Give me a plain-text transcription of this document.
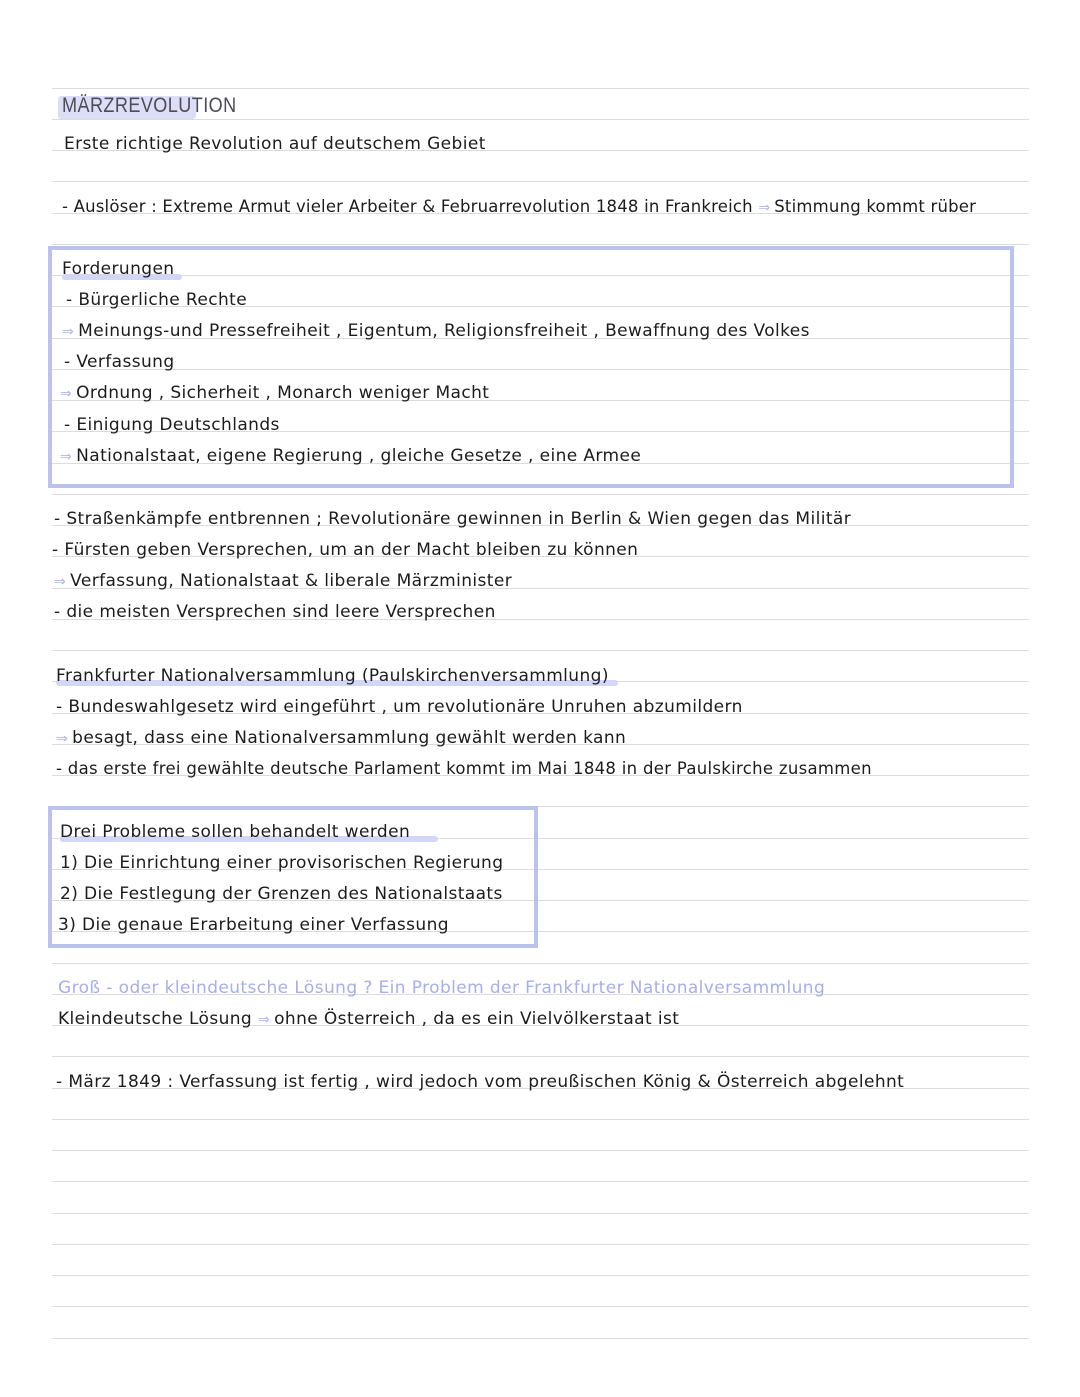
MÄRZREVOLUTION
Erste richtige Revolution auf deutschem Gebiet
- Auslöser : Extreme Armut vieler Arbeiter & Februarrevolution 1848 in Frankreich ⇒ Stimmung kommt rüber
Forderungen
- Bürgerliche Rechte
⇒ Meinungs-und Pressefreiheit , Eigentum, Religionsfreiheit , Bewaffnung des Volkes
- Verfassung
⇒ Ordnung , Sicherheit , Monarch weniger Macht
- Einigung Deutschlands
⇒ Nationalstaat, eigene Regierung , gleiche Gesetze , eine Armee
- Straßenkämpfe entbrennen ; Revolutionäre gewinnen in Berlin & Wien gegen das Militär
- Fürsten geben Versprechen, um an der Macht bleiben zu können
⇒ Verfassung, Nationalstaat & liberale Märzminister
- die meisten Versprechen sind leere Versprechen
Frankfurter Nationalversammlung (Paulskirchenversammlung)
- Bundeswahlgesetz wird eingeführt , um revolutionäre Unruhen abzumildern
⇒ besagt, dass eine Nationalversammlung gewählt werden kann
- das erste frei gewählte deutsche Parlament kommt im Mai 1848 in der Paulskirche zusammen
Drei Probleme sollen behandelt werden
1) Die Einrichtung einer provisorischen Regierung
2) Die Festlegung der Grenzen des Nationalstaats
3) Die genaue Erarbeitung einer Verfassung
Groß - oder kleindeutsche Lösung ? Ein Problem der Frankfurter Nationalversammlung
Kleindeutsche Lösung ⇒ ohne Österreich , da es ein Vielvölkerstaat ist
- März 1849 : Verfassung ist fertig , wird jedoch vom preußischen König & Österreich abgelehnt
